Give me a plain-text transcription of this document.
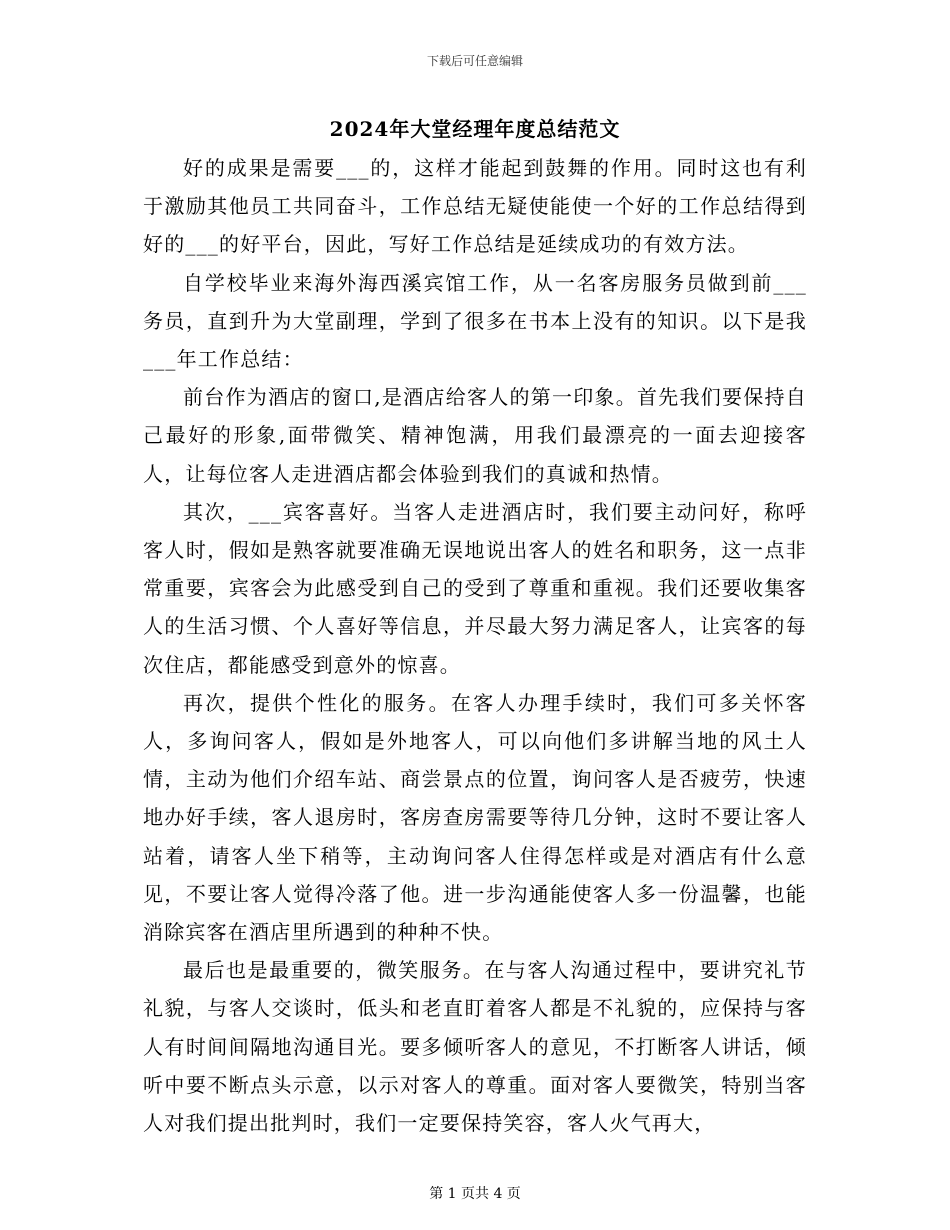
下载后可任意编辑
2024年大堂经理年度总结范文

好的成果是需要___的，这样才能起到鼓舞的作用。同时这也有利于激励其他员工共同奋斗，工作总结无疑使能使一个好的工作总结得到好的___的好平台，因此，写好工作总结是延续成功的有效方法。

自学校毕业来海外海西溪宾馆工作，从一名客房服务员做到前___务员，直到升为大堂副理，学到了很多在书本上没有的知识。以下是我___年工作总结：

前台作为酒店的窗口,是酒店给客人的第一印象。首先我们要保持自己最好的形象,面带微笑、精神饱满，用我们最漂亮的一面去迎接客人，让每位客人走进酒店都会体验到我们的真诚和热情。

其次，___宾客喜好。当客人走进酒店时，我们要主动问好，称呼客人时，假如是熟客就要准确无误地说出客人的姓名和职务，这一点非常重要，宾客会为此感受到自己的受到了尊重和重视。我们还要收集客人的生活习惯、个人喜好等信息，并尽最大努力满足客人，让宾客的每次住店，都能感受到意外的惊喜。

再次，提供个性化的服务。在客人办理手续时，我们可多关怀客人，多询问客人，假如是外地客人，可以向他们多讲解当地的风土人情，主动为他们介绍车站、商尝景点的位置，询问客人是否疲劳，快速地办好手续，客人退房时，客房查房需要等待几分钟，这时不要让客人站着，请客人坐下稍等，主动询问客人住得怎样或是对酒店有什么意见，不要让客人觉得冷落了他。进一步沟通能使客人多一份温馨，也能消除宾客在酒店里所遇到的种种不快。

最后也是最重要的，微笑服务。在与客人沟通过程中，要讲究礼节礼貌，与客人交谈时，低头和老直盯着客人都是不礼貌的，应保持与客人有时间间隔地沟通目光。要多倾听客人的意见，不打断客人讲话，倾听中要不断点头示意，以示对客人的尊重。面对客人要微笑，特别当客人对我们提出批判时，我们一定要保持笑容，客人火气再大，

第 1 页共 4 页
